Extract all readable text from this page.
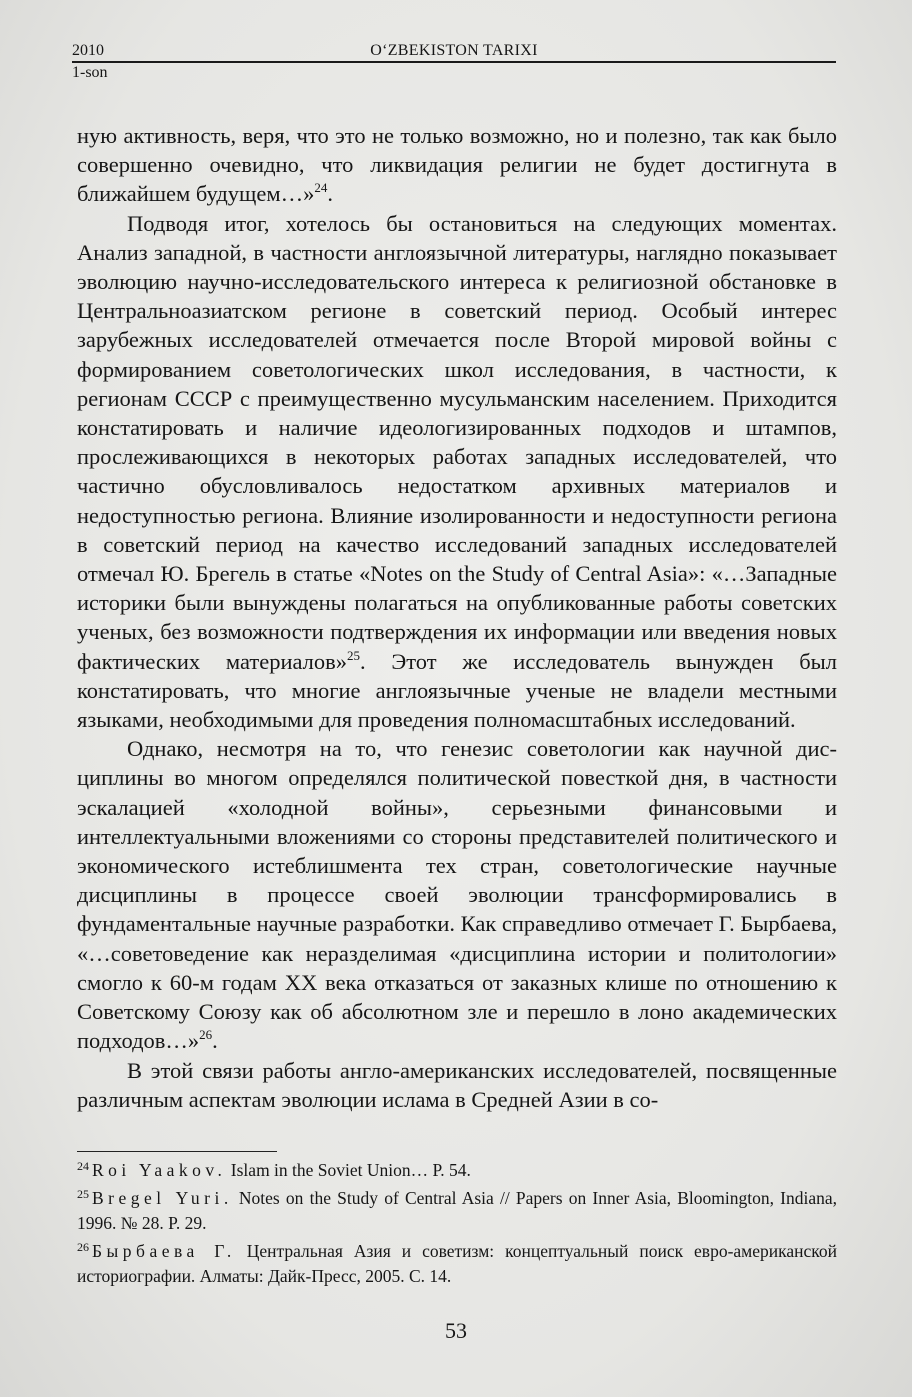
2010	O‘ZBEKISTON TARIXI
1-son

ную активность, веря, что это не только возможно, но и полезно, так как было совершенно очевидно, что ликвидация религии не будет достигнута в ближайшем будущем…»$^{24}$.

Подводя итог, хотелось бы остановиться на следующих моментах. Анализ западной, в частности англоязычной литературы, наглядно показывает эволюцию научно-исследовательского интереса к религиозной обстановке в Центральноазиатском регионе в советский период. Особый интерес зарубежных исследователей отмечается после Второй мировой войны с формированием советологических школ исследования, в частности, к регионам СССР с преимущественно мусульманским населением. Приходится констатировать и наличие идеологизированных подходов и штампов, прослеживающихся в некоторых работах западных исследователей, что частично обусловливалось недостатком архивных материалов и недоступностью региона. Влияние изолированности и недоступности региона в советский период на качество исследований западных исследователей отмечал Ю. Брегель в статье «Notes on the Study of Central Asia»: «…Западные историки были вынуждены полагаться на опубликованные работы советских ученых, без возможности подтверждения их информации или введения новых фактических материалов»$^{25}$. Этот же исследователь вынужден был констатировать, что многие англоязычные ученые не владели местными языками, необходимыми для проведения полномасштабных исследований.

Однако, несмотря на то, что генезис советологии как научной дисциплины во многом определялся политической повесткой дня, в частности эскалацией «холодной войны», серьезными финансовыми и интеллектуальными вложениями со стороны представителей политического и экономического истеблишмента тех стран, советологические научные дисциплины в процессе своей эволюции трансформировались в фундаментальные научные разработки. Как справедливо отмечает Г. Бырбаева, «…советоведение как неразделимая «дисциплина истории и политологии» смогло к 60-м годам XX века отказаться от заказных клише по отношению к Советскому Союзу как об абсолютном зле и перешло в лоно академических подходов…»$^{26}$.

В этой связи работы англо-американских исследователей, посвященные различным аспектам эволюции ислама в Средней Азии в со-

$^{24}$ Roi Yaakov. Islam in the Soviet Union… P. 54.

$^{25}$ Bregel Yuri. Notes on the Study of Central Asia // Papers on Inner Asia, Bloomington, Indiana, 1996. № 28. P. 29.

$^{26}$ Бырбаева Г. Центральная Азия и советизм: концептуальный поиск евро-американской историографии. Алматы: Дайк-Пресс, 2005. С. 14.

53
